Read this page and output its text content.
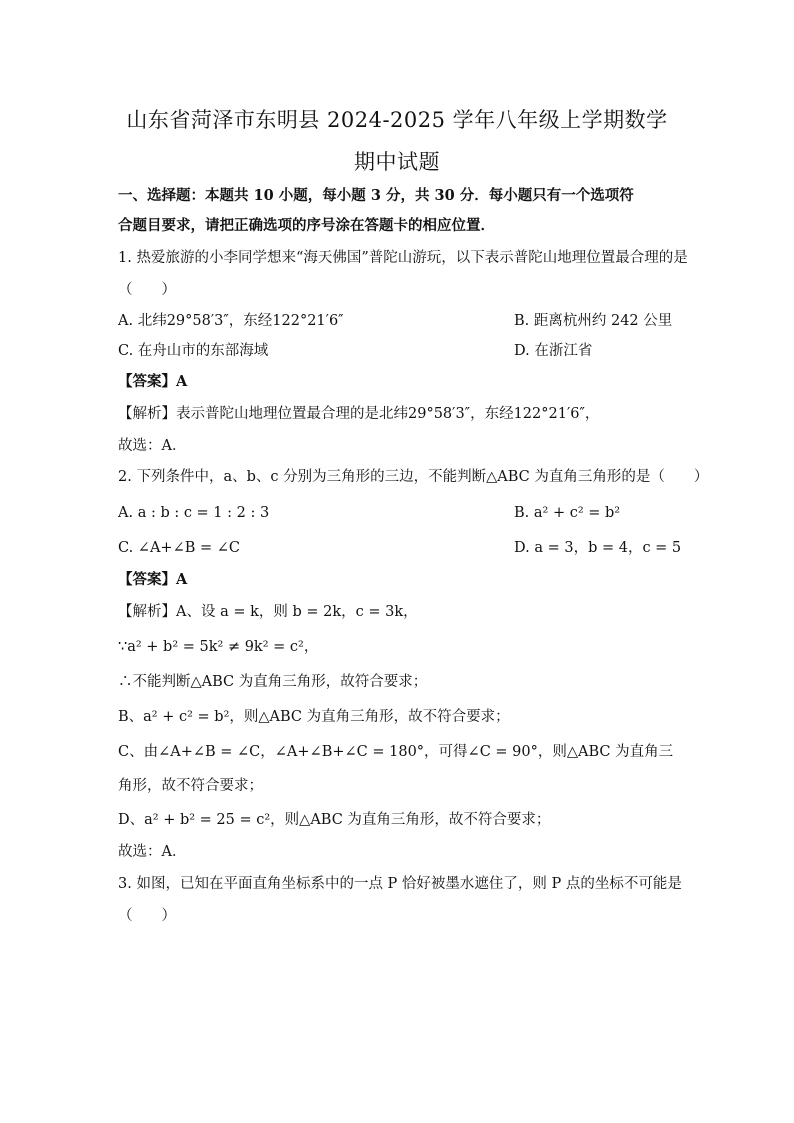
山东省菏泽市东明县 2024-2025 学年八年级上学期数学
期中试题
一、选择题：本题共 10 小题，每小题 3 分，共 30 分．每小题只有一个选项符
合题目要求，请把正确选项的序号涂在答题卡的相应位置．
1. 热爱旅游的小李同学想来“海天佛国”普陀山游玩，以下表示普陀山地理位置最合理的是
（　　）
A. 北纬29°58′3″，东经122°21′6″	B. 距离杭州约 242 公里
C. 在舟山市的东部海域	D. 在浙江省
【答案】A
【解析】表示普陀山地理位置最合理的是北纬29°58′3″，东经122°21′6″，
故选：A．
2. 下列条件中，a、b、c 分别为三角形的三边，不能判断△ABC 为直角三角形的是（　　）
A. a : b : c = 1 : 2 : 3	B. a² + c² = b²
C. ∠A+∠B = ∠C	D. a = 3，b = 4，c = 5
【答案】A
【解析】A、设 a = k，则 b = 2k，c = 3k，
∵a² + b² = 5k² ≠ 9k² = c²，
∴不能判断△ABC 为直角三角形，故符合要求；
B、a² + c² = b²，则△ABC 为直角三角形，故不符合要求；
C、由∠A+∠B = ∠C，∠A+∠B+∠C = 180°，可得∠C = 90°，则△ABC 为直角三
角形，故不符合要求；
D、a² + b² = 25 = c²，则△ABC 为直角三角形，故不符合要求；
故选：A．
3. 如图，已知在平面直角坐标系中的一点 P 恰好被墨水遮住了，则 P 点的坐标不可能是
（　　）
